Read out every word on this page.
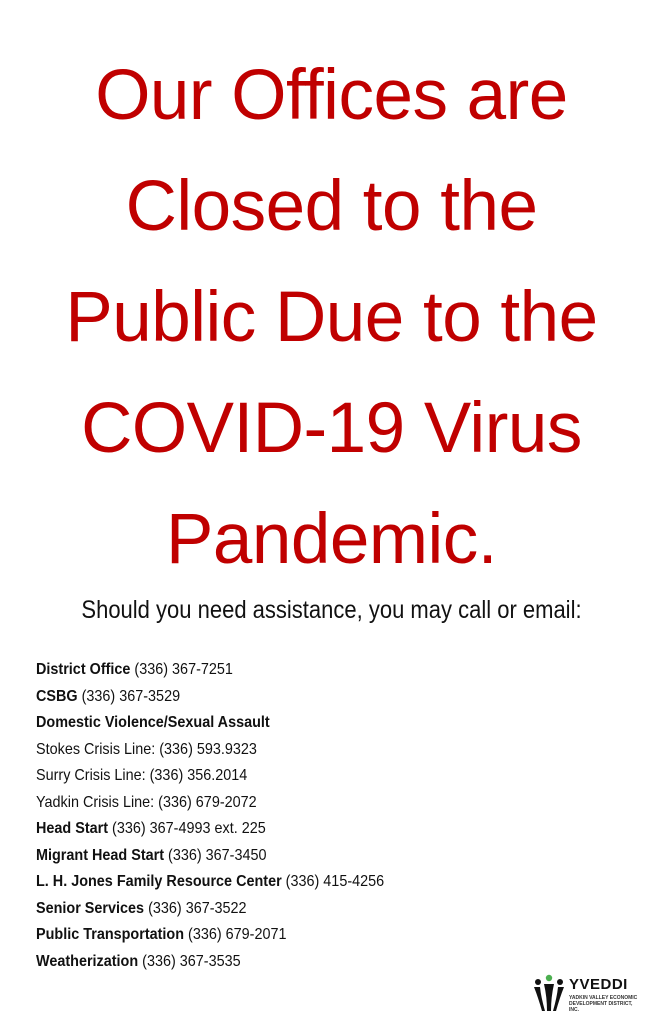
Our Offices are
Closed to the
Public Due to the
COVID-19 Virus
Pandemic.
Should you need assistance, you may call or email:
District Office (336) 367-7251
CSBG (336) 367-3529
Domestic Violence/Sexual Assault
Stokes Crisis Line: (336) 593.9323
Surry Crisis Line: (336) 356.2014
Yadkin Crisis Line: (336) 679-2072
Head Start (336) 367-4993 ext. 225
Migrant Head Start (336) 367-3450
L. H. Jones Family Resource Center (336) 415-4256
Senior Services (336) 367-3522
Public Transportation (336) 679-2071
Weatherization (336) 367-3535
YVEDDI
YADKIN VALLEY ECONOMIC DEVELOPMENT DISTRICT, INC.
